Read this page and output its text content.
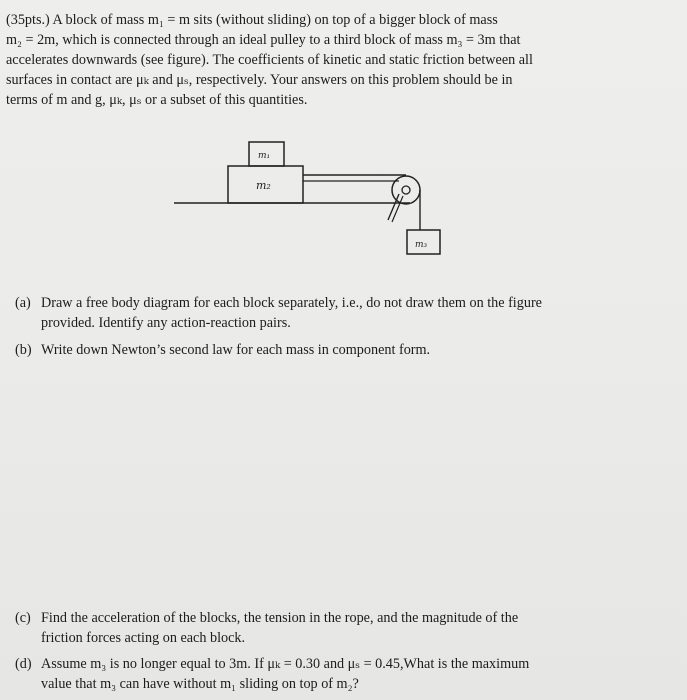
(35pts.) A block of mass m₁ = m sits (without sliding) on top of a bigger block of mass
m₂ = 2m, which is connected through an ideal pulley to a third block of mass m₃ = 3m that
accelerates downwards (see figure). The coefficients of kinetic and static friction between all
surfaces in contact are μₖ and μₛ, respectively. Your answers on this problem should be in
terms of m and g, μₖ, μₛ or a subset of this quantities.
m₂
m₁
m₃
(a) Draw a free body diagram for each block separately, i.e., do not draw them on the figure
provided. Identify any action-reaction pairs.
(b) Write down Newton’s second law for each mass in component form.
(c) Find the acceleration of the blocks, the tension in the rope, and the magnitude of the
friction forces acting on each block.
(d) Assume m₃ is no longer equal to 3m. If μₖ = 0.30 and μₛ = 0.45,What is the maximum
value that m₃ can have without m₁ sliding on top of m₂?
